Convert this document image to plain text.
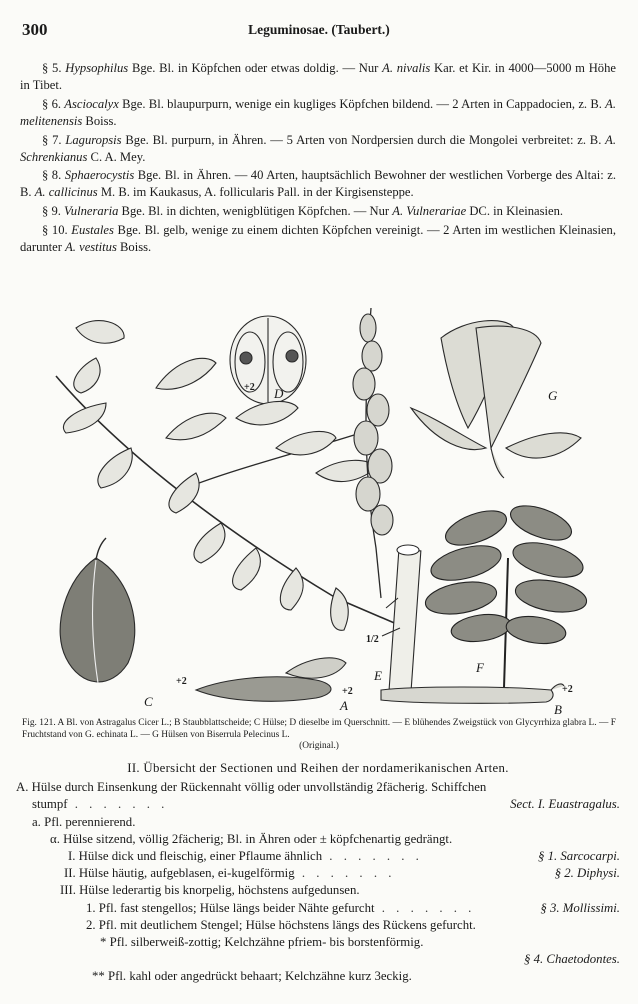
300	Leguminosae. (Taubert.)

§ 5. Hypsophilus Bge. Bl. in Köpfchen oder etwas doldig. — Nur A. nivalis Kar. et Kir. in 4000—5000 m Höhe in Tibet.

§ 6. Asciocalyx Bge. Bl. blaupurpurn, wenige ein kugliges Köpfchen bildend. — 2 Arten in Cappadocien, z. B. A. melitenensis Boiss.

§ 7. Laguropsis Bge. Bl. purpurn, in Ähren. — 5 Arten von Nordpersien durch die Mongolei verbreitet: z. B. A. Schrenkianus C. A. Mey.

§ 8. Sphaerocystis Bge. Bl. in Ähren. — 40 Arten, hauptsächlich Bewohner der westlichen Vorberge des Altai: z. B. A. callicinus M. B. im Kaukasus, A. follicularis Pall. in der Kirgisensteppe.

§ 9. Vulneraria Bge. Bl. in dichten, wenigblütigen Köpfchen. — Nur A. Vulnerariae DC. in Kleinasien.

§ 10. Eustales Bge. Bl. gelb, wenige zu einem dichten Köpfchen vereinigt. — 2 Arten im westlichen Kleinasien, darunter A. vestitus Boiss.

D
+2
G
C
+2
A
+2
E
1/2
F
B
+2
Fig. 121. A Bl. von Astragalus Cicer L.; B Staubblattscheide; C Hülse; D dieselbe im Querschnitt. — E blühendes Zweigstück von Glycyrrhiza glabra L. — F Fruchtstand von G. echinata L. — G Hülsen von Biserrula Pelecinus L.
(Original.)
II. Übersicht der Sectionen und Reihen der nordamerikanischen Arten.
A. Hülse durch Einsenkung der Rückennaht völlig oder unvollständig 2fächerig. Schiffchen
stumpf . . . . . . .	Sect. I. Euastragalus.
a. Pfl. perennierend.
α. Hülse sitzend, völlig 2fächerig; Bl. in Ähren oder ± köpfchenartig gedrängt.
I. Hülse dick und fleischig, einer Pflaume ähnlich . . . . . . .	§ 1. Sarcocarpi.
II. Hülse häutig, aufgeblasen, ei-kugelförmig . . . . . . .	§ 2. Diphysi.
III. Hülse lederartig bis knorpelig, höchstens aufgedunsen.
1. Pfl. fast stengellos; Hülse längs beider Nähte gefurcht . . . . . . .	§ 3. Mollissimi.
2. Pfl. mit deutlichem Stengel; Hülse höchstens längs des Rückens gefurcht.
* Pfl. silberweiß-zottig; Kelchzähne pfriem- bis borstenförmig.
§ 4. Chaetodontes.
** Pfl. kahl oder angedrückt behaart; Kelchzähne kurz 3eckig.
